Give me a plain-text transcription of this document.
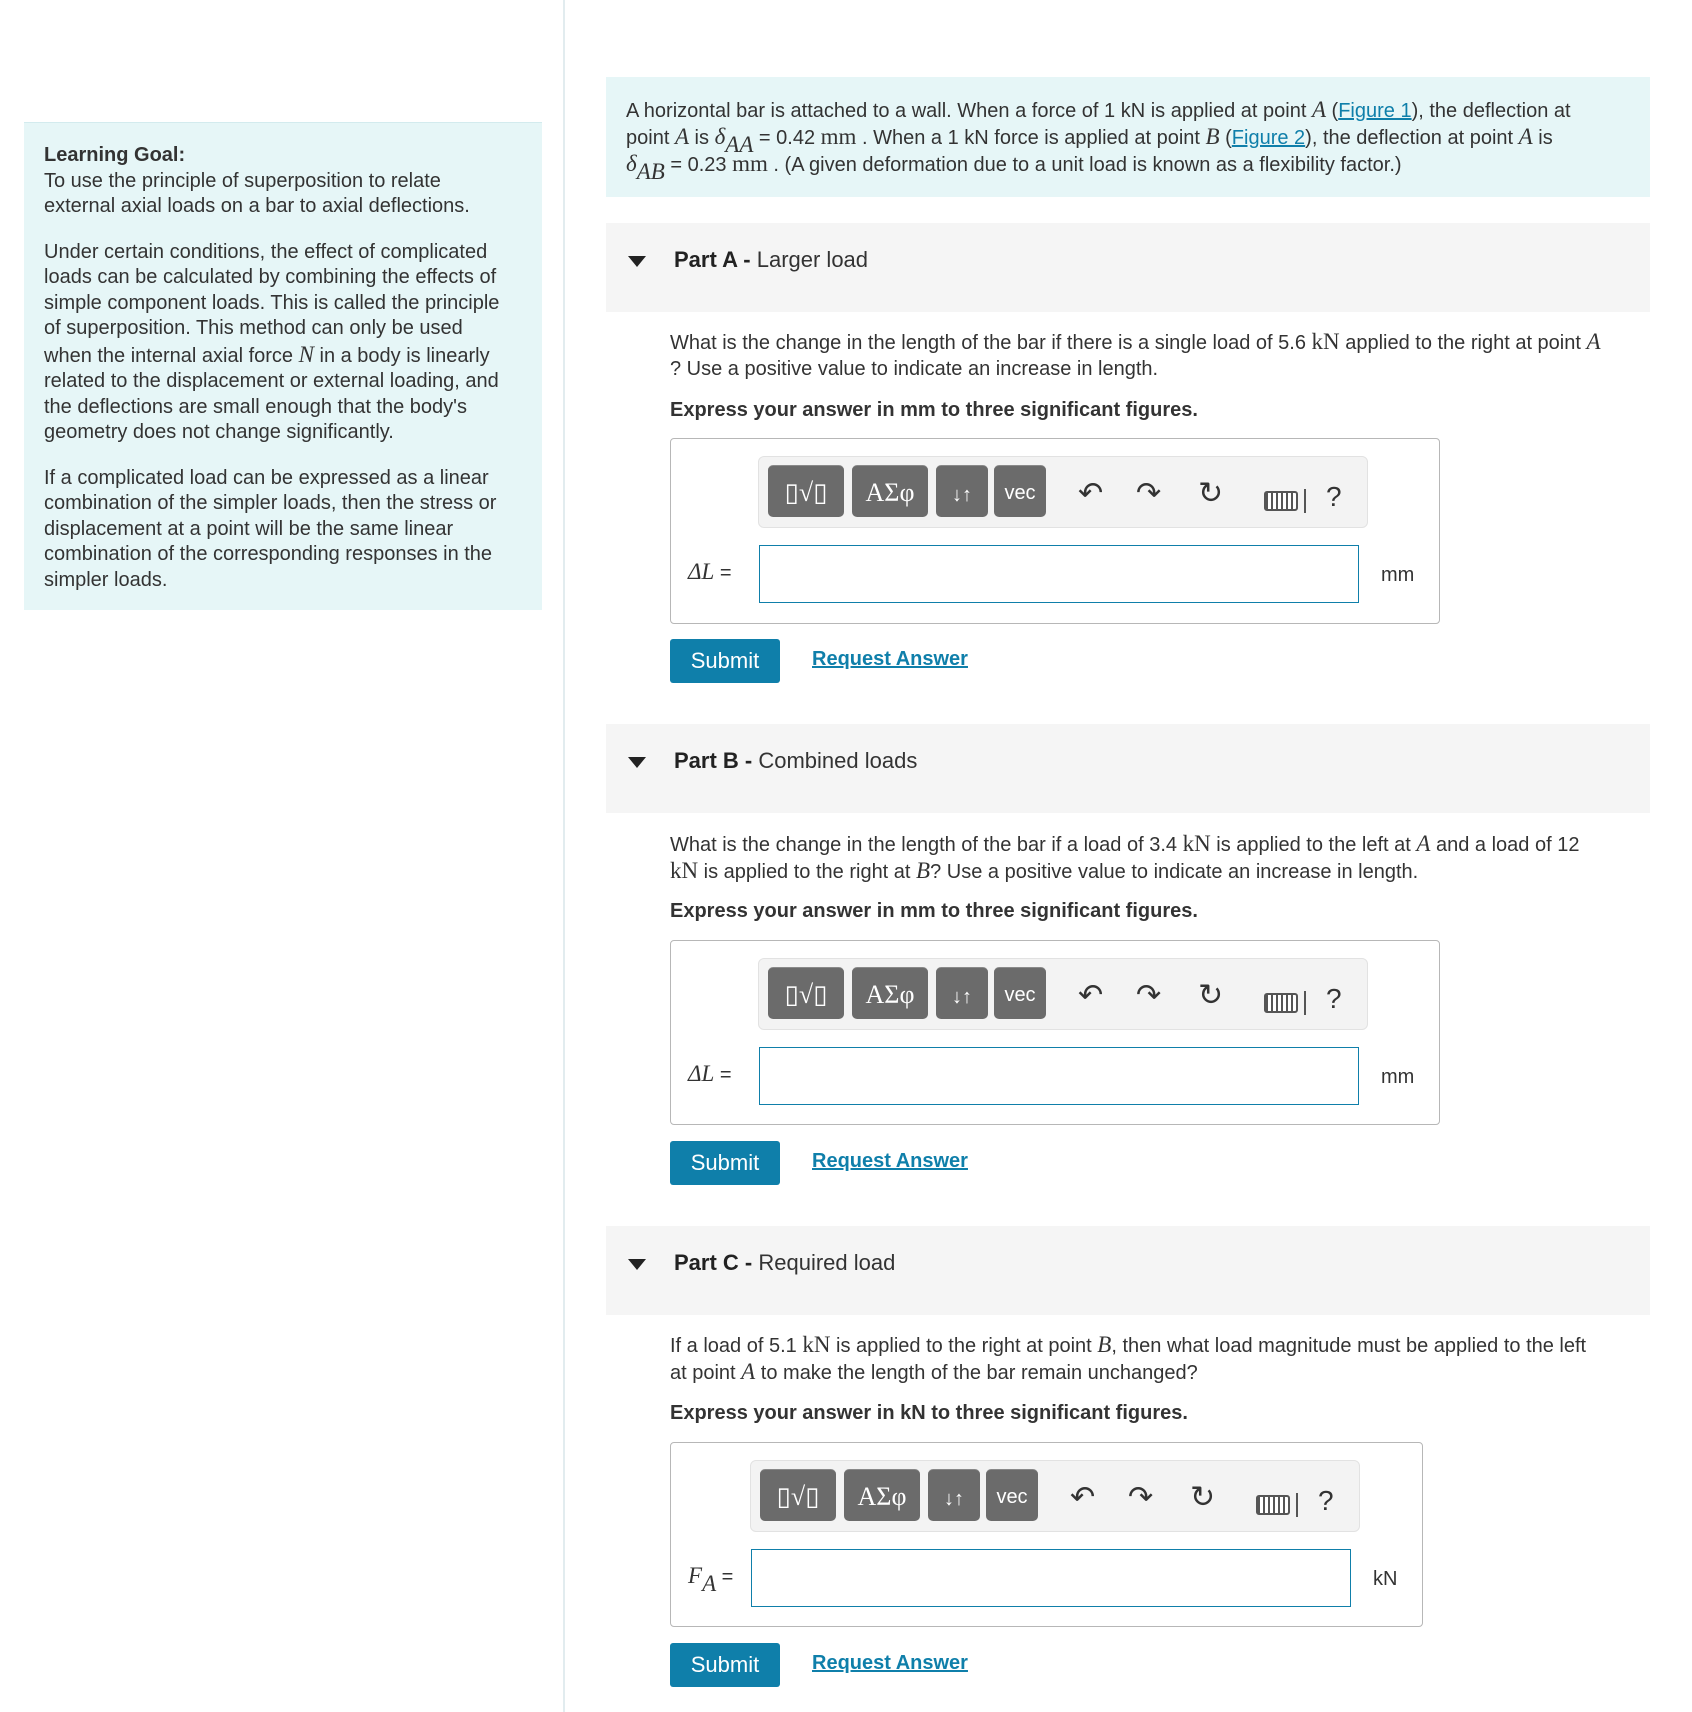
Learning Goal:

To use the principle of superposition to relate
external axial loads on a bar to axial deflections.

Under certain conditions, the effect of complicated
loads can be calculated by combining the effects of
simple component loads. This is called the principle
of superposition. This method can only be used
when the internal axial force N in a body is linearly
related to the displacement or external loading, and
the deflections are small enough that the body's
geometry does not change significantly.

If a complicated load can be expressed as a linear
combination of the simpler loads, then the stress or
displacement at a point will be the same linear
combination of the corresponding responses in the
simpler loads.

A horizontal bar is attached to a wall. When a force of 1 kN is applied at point A (Figure 1), the deflection at
point A is $\delta_{AA} = 0.42$ mm . When a 1 kN force is applied at point B (Figure 2), the deflection at point A is
$\delta_{AB} = 0.23$ mm . (A given deformation due to a unit load is known as a flexibility factor.)
Part A - Larger load
What is the change in the length of the bar if there is a single load of 5.6 kN applied to the right at point A
? Use a positive value to indicate an increase in length.
Express your answer in mm to three significant figures.
▯√▯	ΑΣφ	↓↑	vec	↶ ↷ ↻	?
ΔL =	mm
Submit	Request Answer
Part B - Combined loads
What is the change in the length of the bar if a load of 3.4 kN is applied to the left at A and a load of 12
kN is applied to the right at B? Use a positive value to indicate an increase in length.
Express your answer in mm to three significant figures.
▯√▯	ΑΣφ	↓↑	vec	↶ ↷ ↻	?
ΔL =	mm
Submit	Request Answer
Part C - Required load
If a load of 5.1 kN is applied to the right at point B, then what load magnitude must be applied to the left
at point A to make the length of the bar remain unchanged?
Express your answer in kN to three significant figures.
▯√▯	ΑΣφ	↓↑	vec	↶ ↷ ↻	?
$F_A$ =	kN
Submit	Request Answer
